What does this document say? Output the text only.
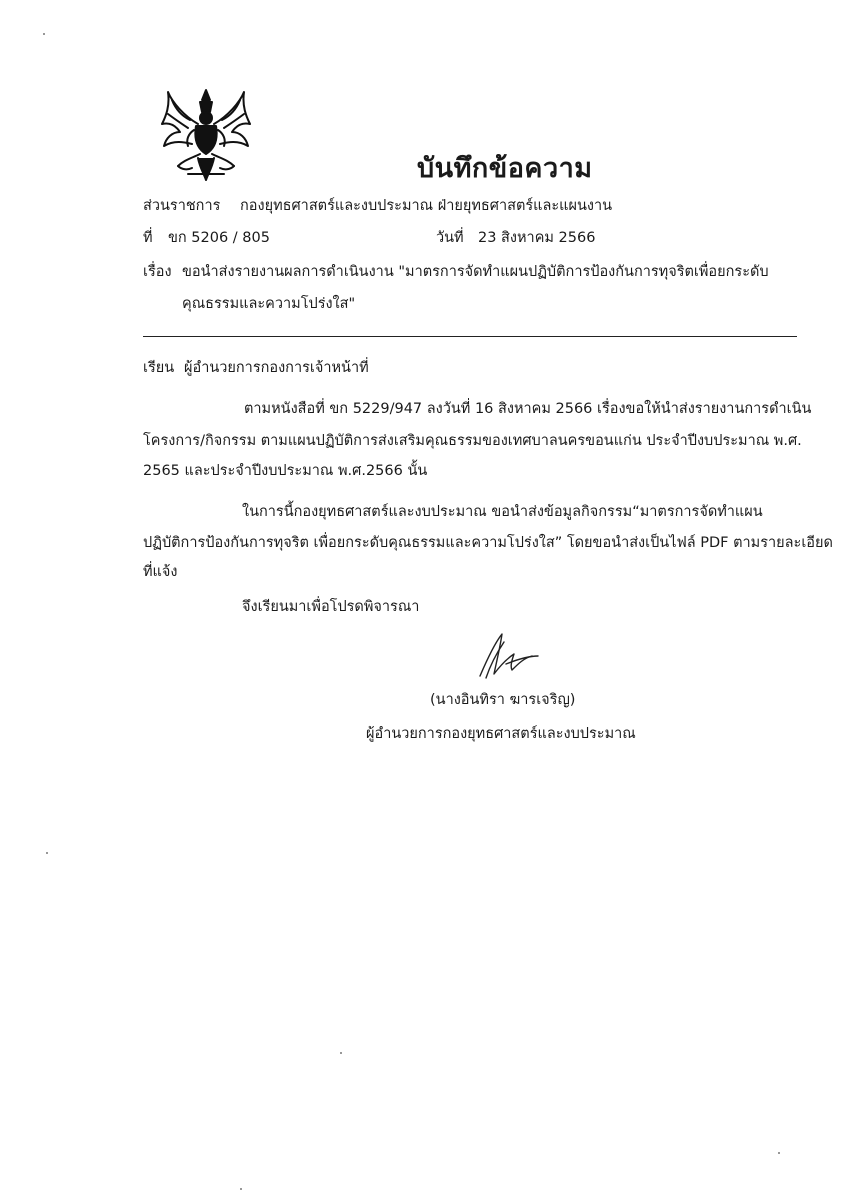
บันทึกข้อความ
ส่วนราชการ กองยุทธศาสตร์และงบประมาณ ฝ่ายยุทธศาสตร์และแผนงาน
ที่ ขก 5206 / 805	วันที่ 23 สิงหาคม 2566
เรื่อง ขอนำส่งรายงานผลการดำเนินงาน "มาตรการจัดทำแผนปฏิบัติการป้องกันการทุจริตเพื่อยกระดับ
คุณธรรมและความโปร่งใส"
เรียน ผู้อำนวยการกองการเจ้าหน้าที่
ตามหนังสือที่ ขก 5229/947 ลงวันที่ 16 สิงหาคม 2566 เรื่องขอให้นำส่งรายงานการดำเนิน
โครงการ/กิจกรรม ตามแผนปฏิบัติการส่งเสริมคุณธรรมของเทศบาลนครขอนแก่น ประจำปีงบประมาณ พ.ศ.
2565 และประจำปีงบประมาณ พ.ศ.2566 นั้น
ในการนี้กองยุทธศาสตร์และงบประมาณ ขอนำส่งข้อมูลกิจกรรม“มาตรการจัดทำแผน
ปฏิบัติการป้องกันการทุจริต เพื่อยกระดับคุณธรรมและความโปร่งใส” โดยขอนำส่งเป็นไฟล์ PDF ตามรายละเอียด
ที่แจ้ง
จึงเรียนมาเพื่อโปรดพิจารณา
(นางอินทิรา ฆารเจริญ)
ผู้อำนวยการกองยุทธศาสตร์และงบประมาณ
